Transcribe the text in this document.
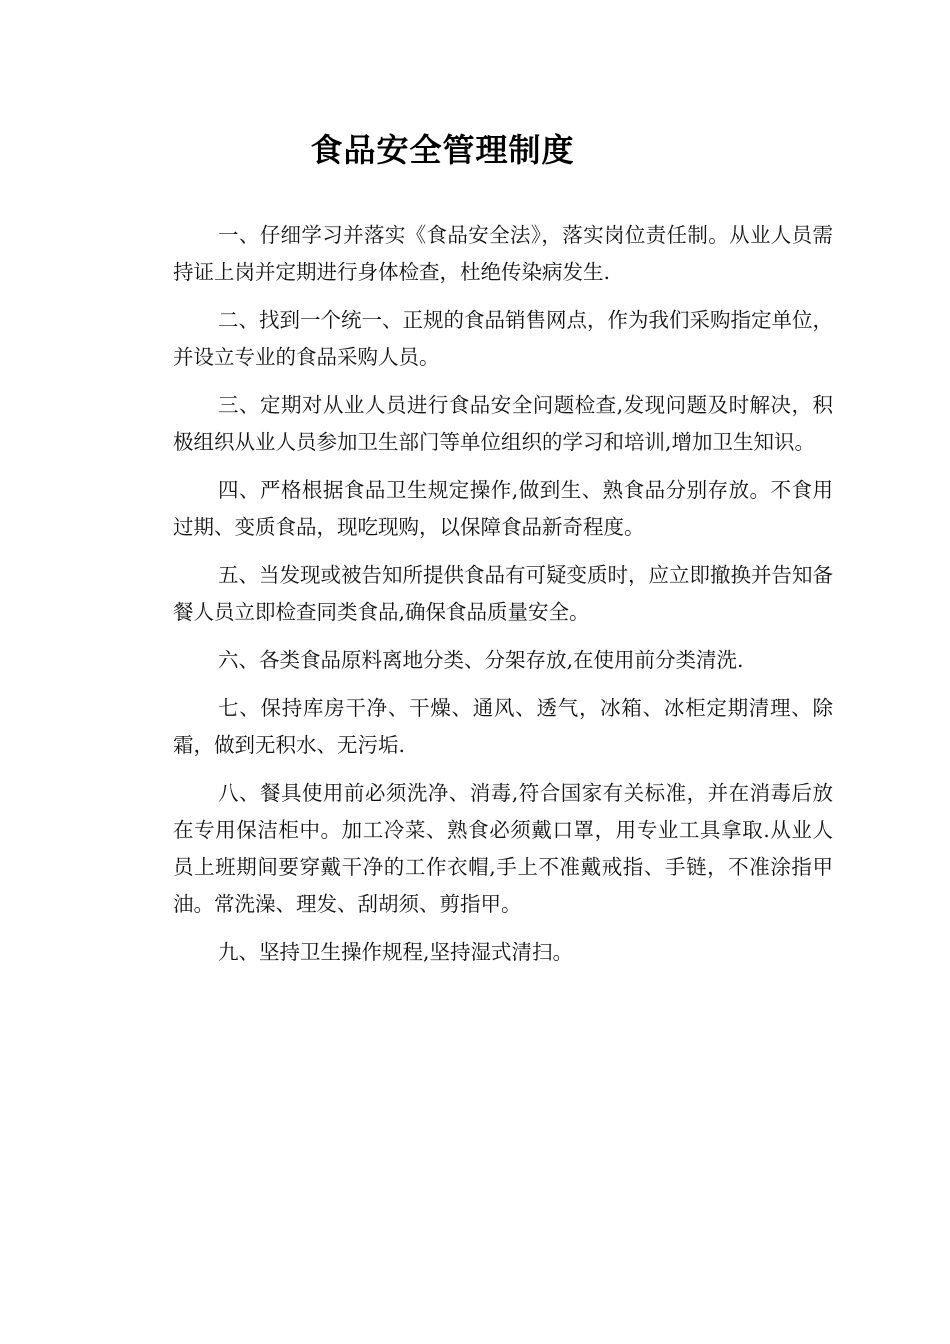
食品安全管理制度

一、仔细学习并落实《食品安全法》，落实岗位责任制。从业人员需持证上岗并定期进行身体检查，杜绝传染病发生.

二、找到一个统一、正规的食品销售网点，作为我们采购指定单位，并设立专业的食品采购人员。

三、定期对从业人员进行食品安全问题检查,发现问题及时解决，积极组织从业人员参加卫生部门等单位组织的学习和培训,增加卫生知识。

四、严格根据食品卫生规定操作,做到生、熟食品分别存放。不食用过期、变质食品，现吃现购，以保障食品新奇程度。

五、当发现或被告知所提供食品有可疑变质时，应立即撤换并告知备餐人员立即检查同类食品,确保食品质量安全。

六、各类食品原料离地分类、分架存放,在使用前分类清洗.

七、保持库房干净、干燥、通风、透气，冰箱、冰柜定期清理、除霜，做到无积水、无污垢.

八、餐具使用前必须洗净、消毒,符合国家有关标准，并在消毒后放在专用保洁柜中。加工冷菜、熟食必须戴口罩，用专业工具拿取.从业人员上班期间要穿戴干净的工作衣帽,手上不准戴戒指、手链，不准涂指甲油。常洗澡、理发、刮胡须、剪指甲。

九、坚持卫生操作规程,坚持湿式清扫。
